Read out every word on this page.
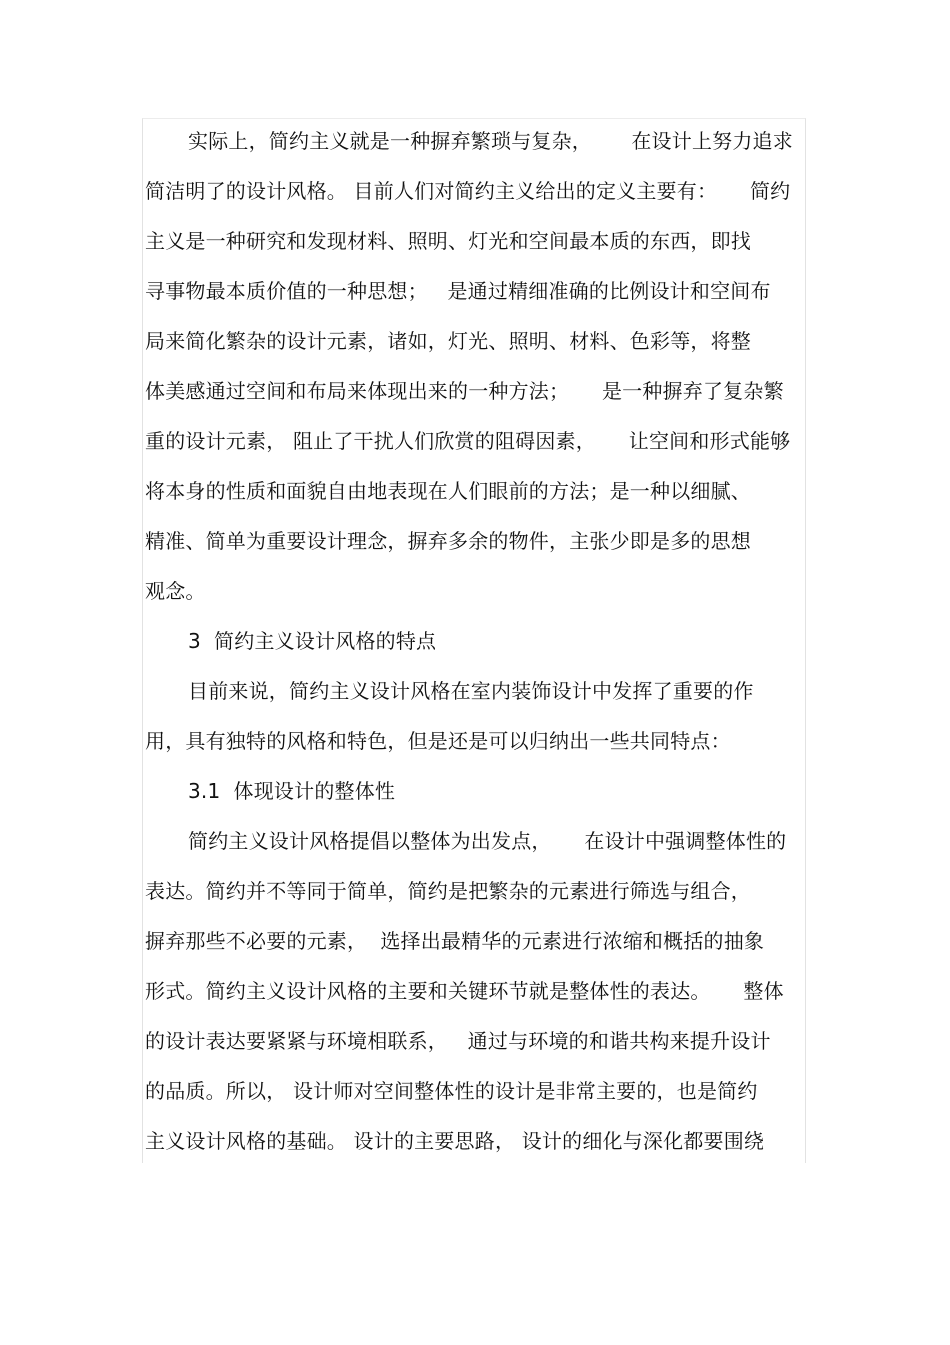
实际上，简约主义就是一种摒弃繁琐与复杂，      在设计上努力追求
简洁明了的设计风格。 目前人们对简约主义给出的定义主要有：     简约
主义是一种研究和发现材料、照明、灯光和空间最本质的东西，即找
寻事物最本质价值的一种思想；   是通过精细准确的比例设计和空间布
局来简化繁杂的设计元素，诸如，灯光、照明、材料、色彩等，将整
体美感通过空间和布局来体现出来的一种方法；     是一种摒弃了复杂繁
重的设计元素， 阻止了干扰人们欣赏的阻碍因素，     让空间和形式能够
将本身的性质和面貌自由地表现在人们眼前的方法；是一种以细腻、
精准、简单为重要设计理念，摒弃多余的物件，主张少即是多的思想
观念。
3  简约主义设计风格的特点
目前来说，简约主义设计风格在室内装饰设计中发挥了重要的作
用，具有独特的风格和特色，但是还是可以归纳出一些共同特点：
3.1  体现设计的整体性
简约主义设计风格提倡以整体为出发点，     在设计中强调整体性的
表达。简约并不等同于简单，简约是把繁杂的元素进行筛选与组合，
摒弃那些不必要的元素，  选择出最精华的元素进行浓缩和概括的抽象
形式。简约主义设计风格的主要和关键环节就是整体性的表达。     整体
的设计表达要紧紧与环境相联系，   通过与环境的和谐共构来提升设计
的品质。所以， 设计师对空间整体性的设计是非常主要的，也是简约
主义设计风格的基础。 设计的主要思路， 设计的细化与深化都要围绕
